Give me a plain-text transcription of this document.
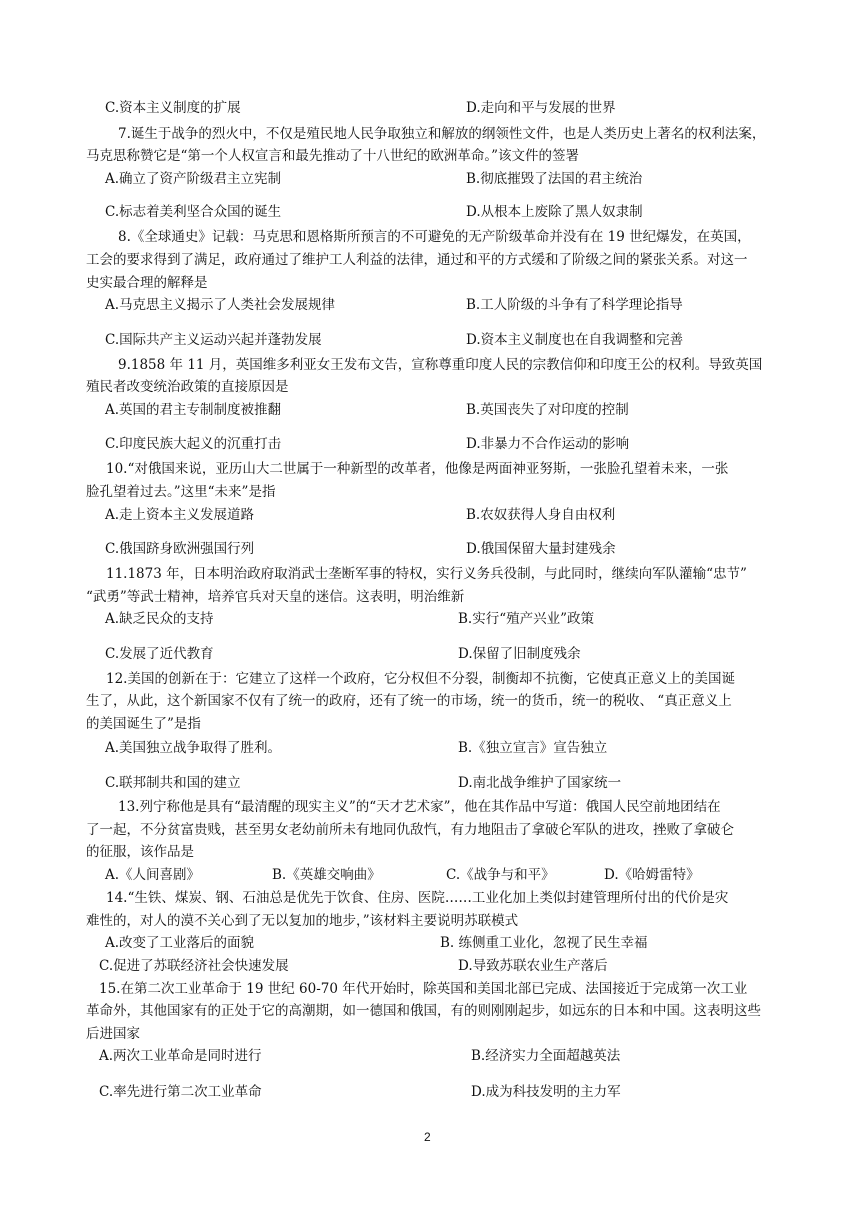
C.资本主义制度的扩展	D.走向和平与发展的世界
7.诞生于战争的烈火中，不仅是殖民地人民争取独立和解放的纲领性文件，也是人类历史上著名的权利法案，
马克思称赞它是“第一个人权宣言和最先推动了十八世纪的欧洲革命。”该文件的签署
A.确立了资产阶级君主立宪制	B.彻底摧毁了法国的君主统治
C.标志着美利坚合众国的诞生	D.从根本上废除了黑人奴隶制
8.《全球通史》记载：马克思和恩格斯所预言的不可避免的无产阶级革命并没有在 19 世纪爆发，在英国，
工会的要求得到了满足，政府通过了维护工人利益的法律，通过和平的方式缓和了阶级之间的紧张关系。对这一
史实最合理的解释是
A.马克思主义揭示了人类社会发展规律	B.工人阶级的斗争有了科学理论指导
C.国际共产主义运动兴起并蓬勃发展	D.资本主义制度也在自我调整和完善
9.1858 年 11 月，英国维多利亚女王发布文告，宣称尊重印度人民的宗教信仰和印度王公的权利。导致英国
殖民者改变统治政策的直接原因是
A.英国的君主专制制度被推翻	B.英国丧失了对印度的控制
C.印度民族大起义的沉重打击	D.非暴力不合作运动的影响
10.“对俄国来说，亚历山大二世属于一种新型的改革者，他像是两面神亚努斯，一张脸孔望着未来，一张
脸孔望着过去。”这里“未来”是指
A.走上资本主义发展道路	B.农奴获得人身自由权利
C.俄国跻身欧洲强国行列	D.俄国保留大量封建残余
11.1873 年，日本明治政府取消武士垄断军事的特权，实行义务兵役制，与此同时，继续向军队灌输“忠节”
“武勇”等武士精神，培养官兵对天皇的迷信。这表明，明治维新
A.缺乏民众的支持	B.实行“殖产兴业”政策
C.发展了近代教育	D.保留了旧制度残余
12.美国的创新在于：它建立了这样一个政府，它分权但不分裂，制衡却不抗衡，它使真正意义上的美国诞
生了，从此，这个新国家不仅有了统一的政府，还有了统一的市场，统一的货币，统一的税收、 “真正意义上
的美国诞生了”是指
A.美国独立战争取得了胜利。	B.《独立宣言》宣告独立
C.联邦制共和国的建立	D.南北战争维护了国家统一
13.列宁称他是具有“最清醒的现实主义”的“天才艺术家”，他在其作品中写道：俄国人民空前地团结在
了一起，不分贫富贵贱，甚至男女老幼前所未有地同仇敌忾，有力地阻击了拿破仑军队的进攻，挫败了拿破仑
的征服，该作品是
A.《人间喜剧》	B.《英雄交响曲》	C.《战争与和平》	D.《哈姆雷特》
14.“生铁、煤炭、钢、石油总是优先于饮食、住房、医院……工业化加上类似封建管理所付出的代价是灾
难性的，对人的漠不关心到了无以复加的地步，”该材料主要说明苏联模式
A.改变了工业落后的面貌	B. 练侧重工业化，忽视了民生幸福
C.促进了苏联经济社会快速发展	D.导致苏联农业生产落后
15.在第二次工业革命于 19 世纪 60-70 年代开始时，除英国和美国北部已完成、法国接近于完成第一次工业
革命外，其他国家有的正处于它的高潮期，如一德国和俄国，有的则刚刚起步，如远东的日本和中国。这表明这些
后进国家
A.两次工业革命是同时进行	B.经济实力全面超越英法
C.率先进行第二次工业革命	D.成为科技发明的主力军
2
